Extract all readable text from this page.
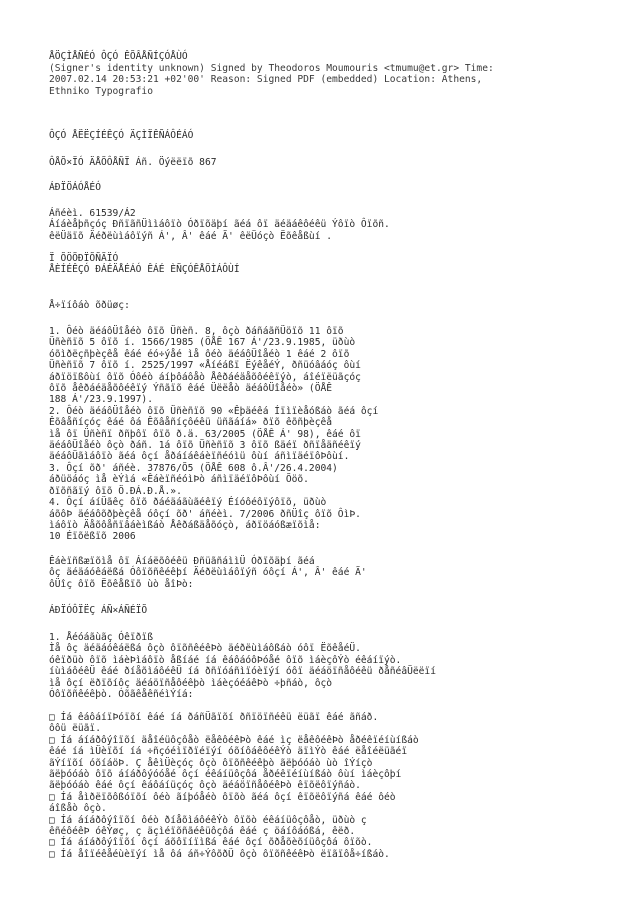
ÅÖÇÌÅÑÉÓ ÔÇÓ ÊÕÂÅÑÍÇÓÅÙÓ
(Signer's identity unknown) Signed by Theodoros Moumouris <tmumu@et.gr> Time:
2007.02.14 20:53:21 +02'00' Reason: Signed PDF (embedded) Location: Athens,
Ethniko Typografio
ÔÇÓ ÅËËÇÍÉÊÇÓ ÄÇÌÏÊÑÁÔÉÁÓ
ÔÅÕ×ÏÓ ÄÅÕÔÅÑÏ Áñ. Öýëëïõ 867
ÁÐÏÖÁÓÅÉÓ
Áñéèì. 61539/Á2
Áíáèåþñçóç ÐñïãñÜììáôïò Óðïõäþí ãéá ôï äéäáêôéêü Ýôïò Ôïõñ.
êëÜäïõ Äéðëùìáôïýñ Á', Â' êáé Ã' êëÜóçò Ëõêåßùí .
Ï ÕÖÕÐÏÕÑÃÏÓ
ÅÈÍÉÊÇÓ ÐÁÉÄÅÉÁÓ ÊÁÉ ÈÑÇÓÊÅÕÌÁÔÙÍ
Å÷ïíôáò õðüøç:
1. Ôéò äéáôÜîåéò ôïõ Üñèñ. 8, ôçò ðáñáãñÜöïõ 11 ôïõ
Üñèñïõ 5 ôïõ í. 1566/1985 (ÖÅÊ 167 Á'/23.9.1985, üðùò
óõìðëçñþèçêå êáé éó÷ýåé ìå ôéò äéáôÜîåéò 1 êáé 2 ôïõ
Üñèñïõ 7 ôïõ í. 2525/1997 «Åíéáßï ËýêåéÝ, ðñüóâáóç ôùí
áðïöïßôùí ôïõ Óôéò áíþôáôåò Åêðáéäåõôéêïýò, áîéïëüãçóç
ôïõ åêðáéäåõôéêïý Ýñãïõ êáé Üëëåò äéáôÜîåéò» (ÖÅÊ
188 Á'/23.9.1997).
2. Ôéò äéáôÜîåéò ôïõ Üñèñïõ 90 «Êþäéêá Íïìïèåóßáò ãéá ôçí
Êõâåñíçóç êáé ôá Êõâåñíçôéêü üñãáíá» ðïõ êõñþèçêå
ìå ôï Üñèñï ðñþôï ôïõ ð.ä. 63/2005 (ÖÅÊ Á' 98), êáé ôï
äéáôÜîåéò ôçò ðáñ. 1á ôïõ Üñèñïõ 3 ôïõ ßäéï ðñïåäñéêïý
äéáôÜãìáôïò ãéá ôçí åðáíáêáèïñéóìü ôùí áñìïäéïôÞôùí.
3. Ôçí õð' áñéè. 37876/Õ5 (ÖÅÊ 608 ô.Â'/26.4.2004)
áðüöáóç ìå èÝìá «ÊáèïñéóìÞò áñìïäéïôÞôùí Õöõ.
ðïõñãïý ôïõ Ö.ÐÁ.Ð.Å.».
4. Ôçí áíÜãêç ôïõ ðáéäáãùãéêïý Éíóôéôïýôïõ, üðùò
áõôÞ äéáôõðþèçêå óôçí õð' áñéèì. 7/2006 ðñÜîç ôïõ ÔìÞ.
ìáôïò Äåõôåñïâáèìßáò Åêðáßäåõóçò, áðïöáóßæïõìå:
10 Éïõëßïõ 2006
Êáèïñßæïõìå ôï Áíáëõôéêü ÐñüãñáììÜ Óðïõäþí ãéá
ôç äéäáóêáëßá Óôïõñêéêþí Äéðëùìáôïýñ óôçí Á', Â' êáé Ã'
ôÜîç ôïõ Ëõêåßïõ ùò åîÞò:
ÁÐÏÓÔÏËÇ ÁÑ×ÁÑÉÏÕ
1. Åéóáãùãç Óêïðïß
Ìå ôç äéäáóêáëßá ôçò ôïõñêéêÞò äéðëùìáôßáò óôï ËõêåéÜ.
óêïðüò ôïõ ìáèÞìáôïò åßíáé íá êáôáóôÞóåé ôïõ ìáèçôÝò éêáíïýò.
íùìáôéêÜ êáé ðíåõìáôéêÜ íá ðñïóáñìïóèïýí óôï äéáöïñåôéêü ðåñéâÜëëïí
ìå ôçí ëðïõíôç äéáöïñåôéêþò ìáèçóéáêÞò ÷þñáò, ôçò
Óôïõñêéêþò. ÓõãêåêñéìÝíá:
□ Íá êáôáíïÞóïõí êáé íá ðáñÜãïõí ðñïöïñéêü ëüãï êáé ãñáð.
ôôü ëüãï.
□ Íá áíáðôýîïõí äåîéüôçôåò ëåêôéêÞò êáé ìç ëåêôéêÞò åðéêïéíùíßáò
êáé íá ìÜèïõí íá ÷ñçóéìïðïéïýí óõíôáêôéêÝò äïìÝò êáé ëåîéëüãéï
ãÝíïõí óõíáöÞ. Ç åêìÜèçóç ôçò ôïõñêéêþò ãëþóóáò ùò îÝíçò
ãëþóóáò ôïõ áíáðôýóóåé ôçí éêáíüôçôá åðéêïéíùíßáò ôùí ìáèçôþí
ãëþóóáò êáé ôçí êáôáíüçóç ôçò äéáöïñåôéêÞò êïõëôïýñáò.
□ Íá åìðëïõôßóïõí ôéò ãíþóåéò ôïõò ãéá ôçí êïõëôïýñá êáé ôéò
áîßåò ôçò.
□ Íá áíáðôýîïõí ôéò ðíåõìáôéêÝò ôïõò éêáíüôçôåò, üðùò ç
êñéôéêÞ óêÝøç, ç äçìéïõñãéêüôçôá êáé ç öáíôáóßá, êëð.
□ Íá áíáðôýîïõí ôçí áõôïíïìßá êáé ôçí õðåõèõíüôçôá ôïõò.
□ Íá åîïéêåéùèïýí ìå ôá áñ÷ÝôõðÜ ôçò ôïõñêéêÞò ëïãïôå÷íßáò.
